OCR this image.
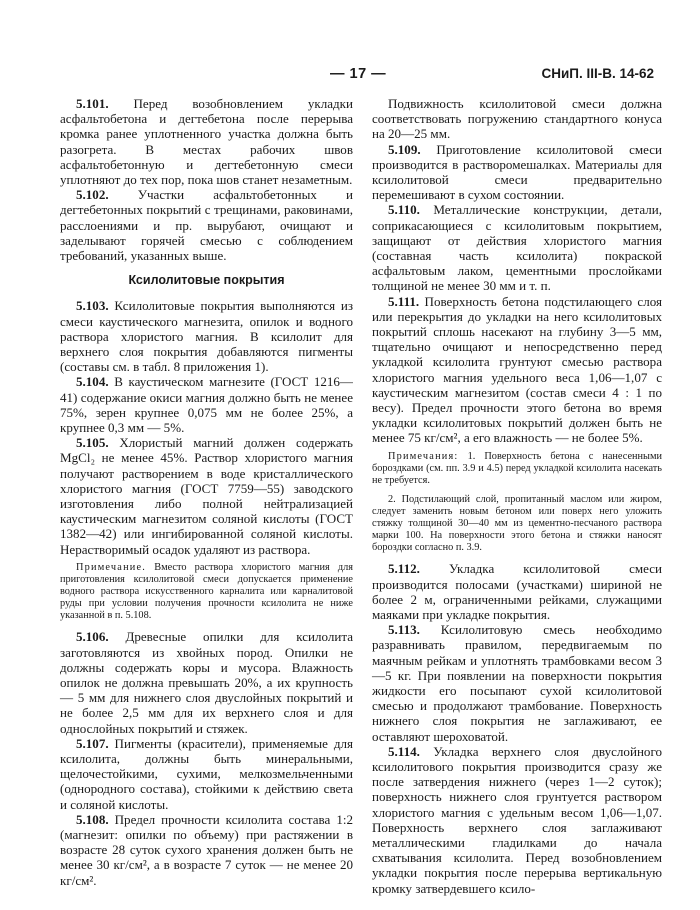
— 17 —	СНиП. III-В. 14-62

5.101. Перед возобновлением укладки асфальтобетона и дегтебетона после перерыва кромка ранее уплотненного участка должна быть разогрета. В местах рабочих швов асфальтобетонную и дегтебетонную смеси уплотняют до тех пор, пока шов станет незаметным.

5.102. Участки асфальтобетонных и дегтебетонных покрытий с трещинами, раковинами, расслоениями и пр. вырубают, очищают и заделывают горячей смесью с соблюдением требований, указанных выше.

Ксилолитовые покрытия

5.103. Ксилолитовые покрытия выполняются из смеси каустического магнезита, опилок и водного раствора хлористого магния. В ксилолит для верхнего слоя покрытия добавляются пигменты (составы см. в табл. 8 приложения 1).

5.104. В каустическом магнезите (ГОСТ 1216—41) содержание окиси магния должно быть не менее 75%, зерен крупнее 0,075 мм не более 25%, а крупнее 0,3 мм — 5%.

5.105. Хлористый магний должен содержать MgCl₂ не менее 45%. Раствор хлористого магния получают растворением в воде кристаллического хлористого магния (ГОСТ 7759—55) заводского изготовления либо полной нейтрализацией каустическим магнезитом соляной кислоты (ГОСТ 1382—42) или ингибированной соляной кислоты. Нерастворимый осадок удаляют из раствора.

Примечание. Вместо раствора хлористого магния для приготовления ксилолитовой смеси допускается применение водного раствора искусственного карналита или карналитовой руды при условии получения прочности ксилолита не ниже указанной в п. 5.108.

5.106. Древесные опилки для ксилолита заготовляются из хвойных пород. Опилки не должны содержать коры и мусора. Влажность опилок не должна превышать 20%, а их крупность — 5 мм для нижнего слоя двуслойных покрытий и не более 2,5 мм для их верхнего слоя и для однослойных покрытий и стяжек.

5.107. Пигменты (красители), применяемые для ксилолита, должны быть минеральными, щелочестойкими, сухими, мелкозмельченными (однородного состава), стойкими к действию света и соляной кислоты.

5.108. Предел прочности ксилолита состава 1:2 (магнезит: опилки по объему) при растяжении в возрасте 28 суток сухого хранения должен быть не менее 30 кг/см², а в возрасте 7 суток — не менее 20 кг/см².

Подвижность ксилолитовой смеси должна соответствовать погружению стандартного конуса на 20—25 мм.

5.109. Приготовление ксилолитовой смеси производится в растворомешалках. Материалы для ксилолитовой смеси предварительно перемешивают в сухом состоянии.

5.110. Металлические конструкции, детали, соприкасающиеся с ксилолитовым покрытием, защищают от действия хлористого магния (составная часть ксилолита) покраской асфальтовым лаком, цементными прослойками толщиной не менее 30 мм и т. п.

5.111. Поверхность бетона подстилающего слоя или перекрытия до укладки на него ксилолитовых покрытий сплошь насекают на глубину 3—5 мм, тщательно очищают и непосредственно перед укладкой ксилолита грунтуют смесью раствора хлористого магния удельного веса 1,06—1,07 с каустическим магнезитом (состав смеси 4 : 1 по весу). Предел прочности этого бетона во время укладки ксилолитовых покрытий должен быть не менее 75 кг/см², а его влажность — не более 5%.

Примечания: 1. Поверхность бетона с нанесенными бороздками (см. пп. 3.9 и 4.5) перед укладкой ксилолита насекать не требуется.

2. Подстилающий слой, пропитанный маслом или жиром, следует заменить новым бетоном или поверх него уложить стяжку толщиной 30—40 мм из цементно-песчаного раствора марки 100. На поверхности этого бетона и стяжки наносят бороздки согласно п. 3.9.

5.112. Укладка ксилолитовой смеси производится полосами (участками) шириной не более 2 м, ограниченными рейками, служащими маяками при укладке покрытия.

5.113. Ксилолитовую смесь необходимо разравнивать правилом, передвигаемым по маячным рейкам и уплотнять трамбовками весом 3—5 кг. При появлении на поверхности покрытия жидкости его посыпают сухой ксилолитовой смесью и продолжают трамбование. Поверхность нижнего слоя покрытия не заглаживают, ее оставляют шероховатой.

5.114. Укладка верхнего слоя двуслойного ксилолитового покрытия производится сразу же после затвердения нижнего (через 1—2 суток); поверхность нижнего слоя грунтуется раствором хлористого магния с удельным весом 1,06—1,07. Поверхность верхнего слоя заглаживают металлическими гладилками до начала схватывания ксилолита. Перед возобновлением укладки покрытия после перерыва вертикальную кромку затвердевшего ксило-
